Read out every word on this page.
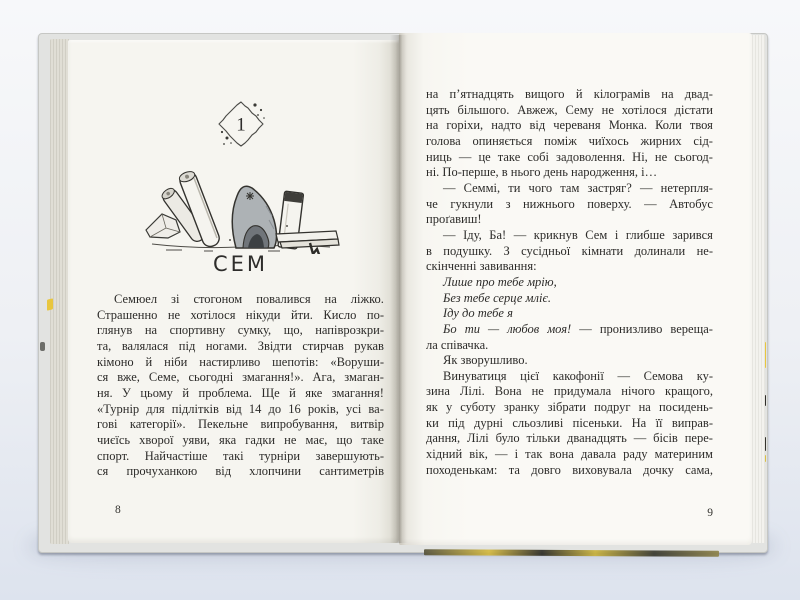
1
СЕМ
Семюел зі стогоном повалився на ліжко.
Страшенно не хотілося нікуди йти. Кисло по-
глянув на спортивну сумку, що, напіврозкри-
та, валялася під ногами. Звідти стирчав рукав
кімоно й ніби настирливо шепотів: «Воруши-
ся вже, Семе, сьогодні змагання!». Ага, змаган-
ня. У цьому й проблема. Ще й яке змагання!
«Турнір для підлітків від 14 до 16 років, усі ва-
гові категорії». Пекельне випробування, витвір
чиєїсь хворої уяви, яка гадки не має, що таке
спорт. Найчастіше такі турніри завершують-
ся прочуханкою від хлопчини сантиметрів
8
на п’ятнадцять вищого й кілограмів на двад-
цять більшого. Авжеж, Сему не хотілося дістати
на горіхи, надто від череваня Монка. Коли твоя
голова опиняється поміж чиїхось жирних сід-
ниць — це таке собі задоволення. Ні, не сьогод-
ні. По-перше, в нього день народження, і…
— Семмі, ти чого там застряг? — нетерпля-
че гукнули з нижнього поверху. — Автобус
проґавиш!
— Іду, Ба! — крикнув Сем і глибше зарився
в подушку. З сусідньої кімнати долинали не-
скінченні завивання:
Лише про тебе мрію,
Без тебе серце мліє.
Іду до тебе я
Бо ти — любов моя! — пронизливо вереща-
ла співачка.
Як зворушливо.
Винуватиця цієї какофонії — Семова ку-
зина Лілі. Вона не придумала нічого кращого,
як у суботу зранку зібрати подруг на посидень-
ки під дурні сльозливі пісеньки. На її виправ-
дання, Лілі було тільки дванадцять — бісів пере-
хідний вік, — і так вона давала раду материним
походенькам: та довго виховувала дочку сама,
9
